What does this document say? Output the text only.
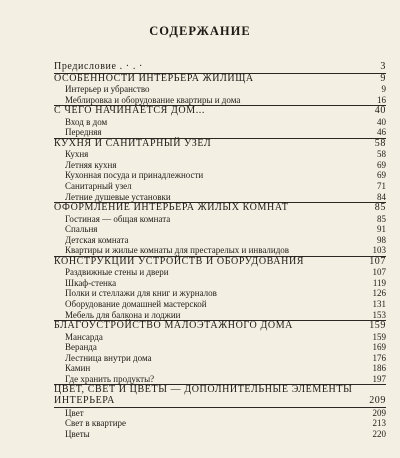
СОДЕРЖАНИЕ
Предисловие . · . ·	3
ОСОБЕННОСТИ ИНТЕРЬЕРА ЖИЛИЩА	9
Интерьер и убранство	9
Меблировка и оборудование квартиры и дома	16
С ЧЕГО НАЧИНАЕТСЯ ДОМ...	40
Вход в дом	40
Передняя	46
КУХНЯ И САНИТАРНЫЙ УЗЕЛ	58
Кухня	58
Летняя кухня	69
Кухонная посуда и принадлежности	69
Санитарный узел	71
Летние душевые установки	84
ОФОРМЛЕНИЕ ИНТЕРЬЕРА ЖИЛЫХ КОМНАТ	85
Гостиная — общая комната	85
Спальня	91
Детская комната	98
Квартиры и жилые комнаты для престарелых и инвалидов	103
КОНСТРУКЦИИ УСТРОЙСТВ И ОБОРУДОВАНИЯ	107
Раздвижные стены и двери	107
Шкаф-стенка	119
Полки и стеллажи для книг и журналов	126
Оборудование домашней мастерской	131
Мебель для балкона и лоджии	153
БЛАГОУСТРОЙСТВО МАЛОЭТАЖНОГО ДОМА	159
Мансарда	159
Веранда	169
Лестница внутри дома	176
Камин	186
Где хранить продукты?	197
ЦВЕТ, СВЕТ И ЦВЕТЫ — ДОПОЛНИТЕЛЬНЫЕ ЭЛЕМЕНТЫ
ИНТЕРЬЕРА	209
Цвет	209
Свет в квартире	213
Цветы	220
